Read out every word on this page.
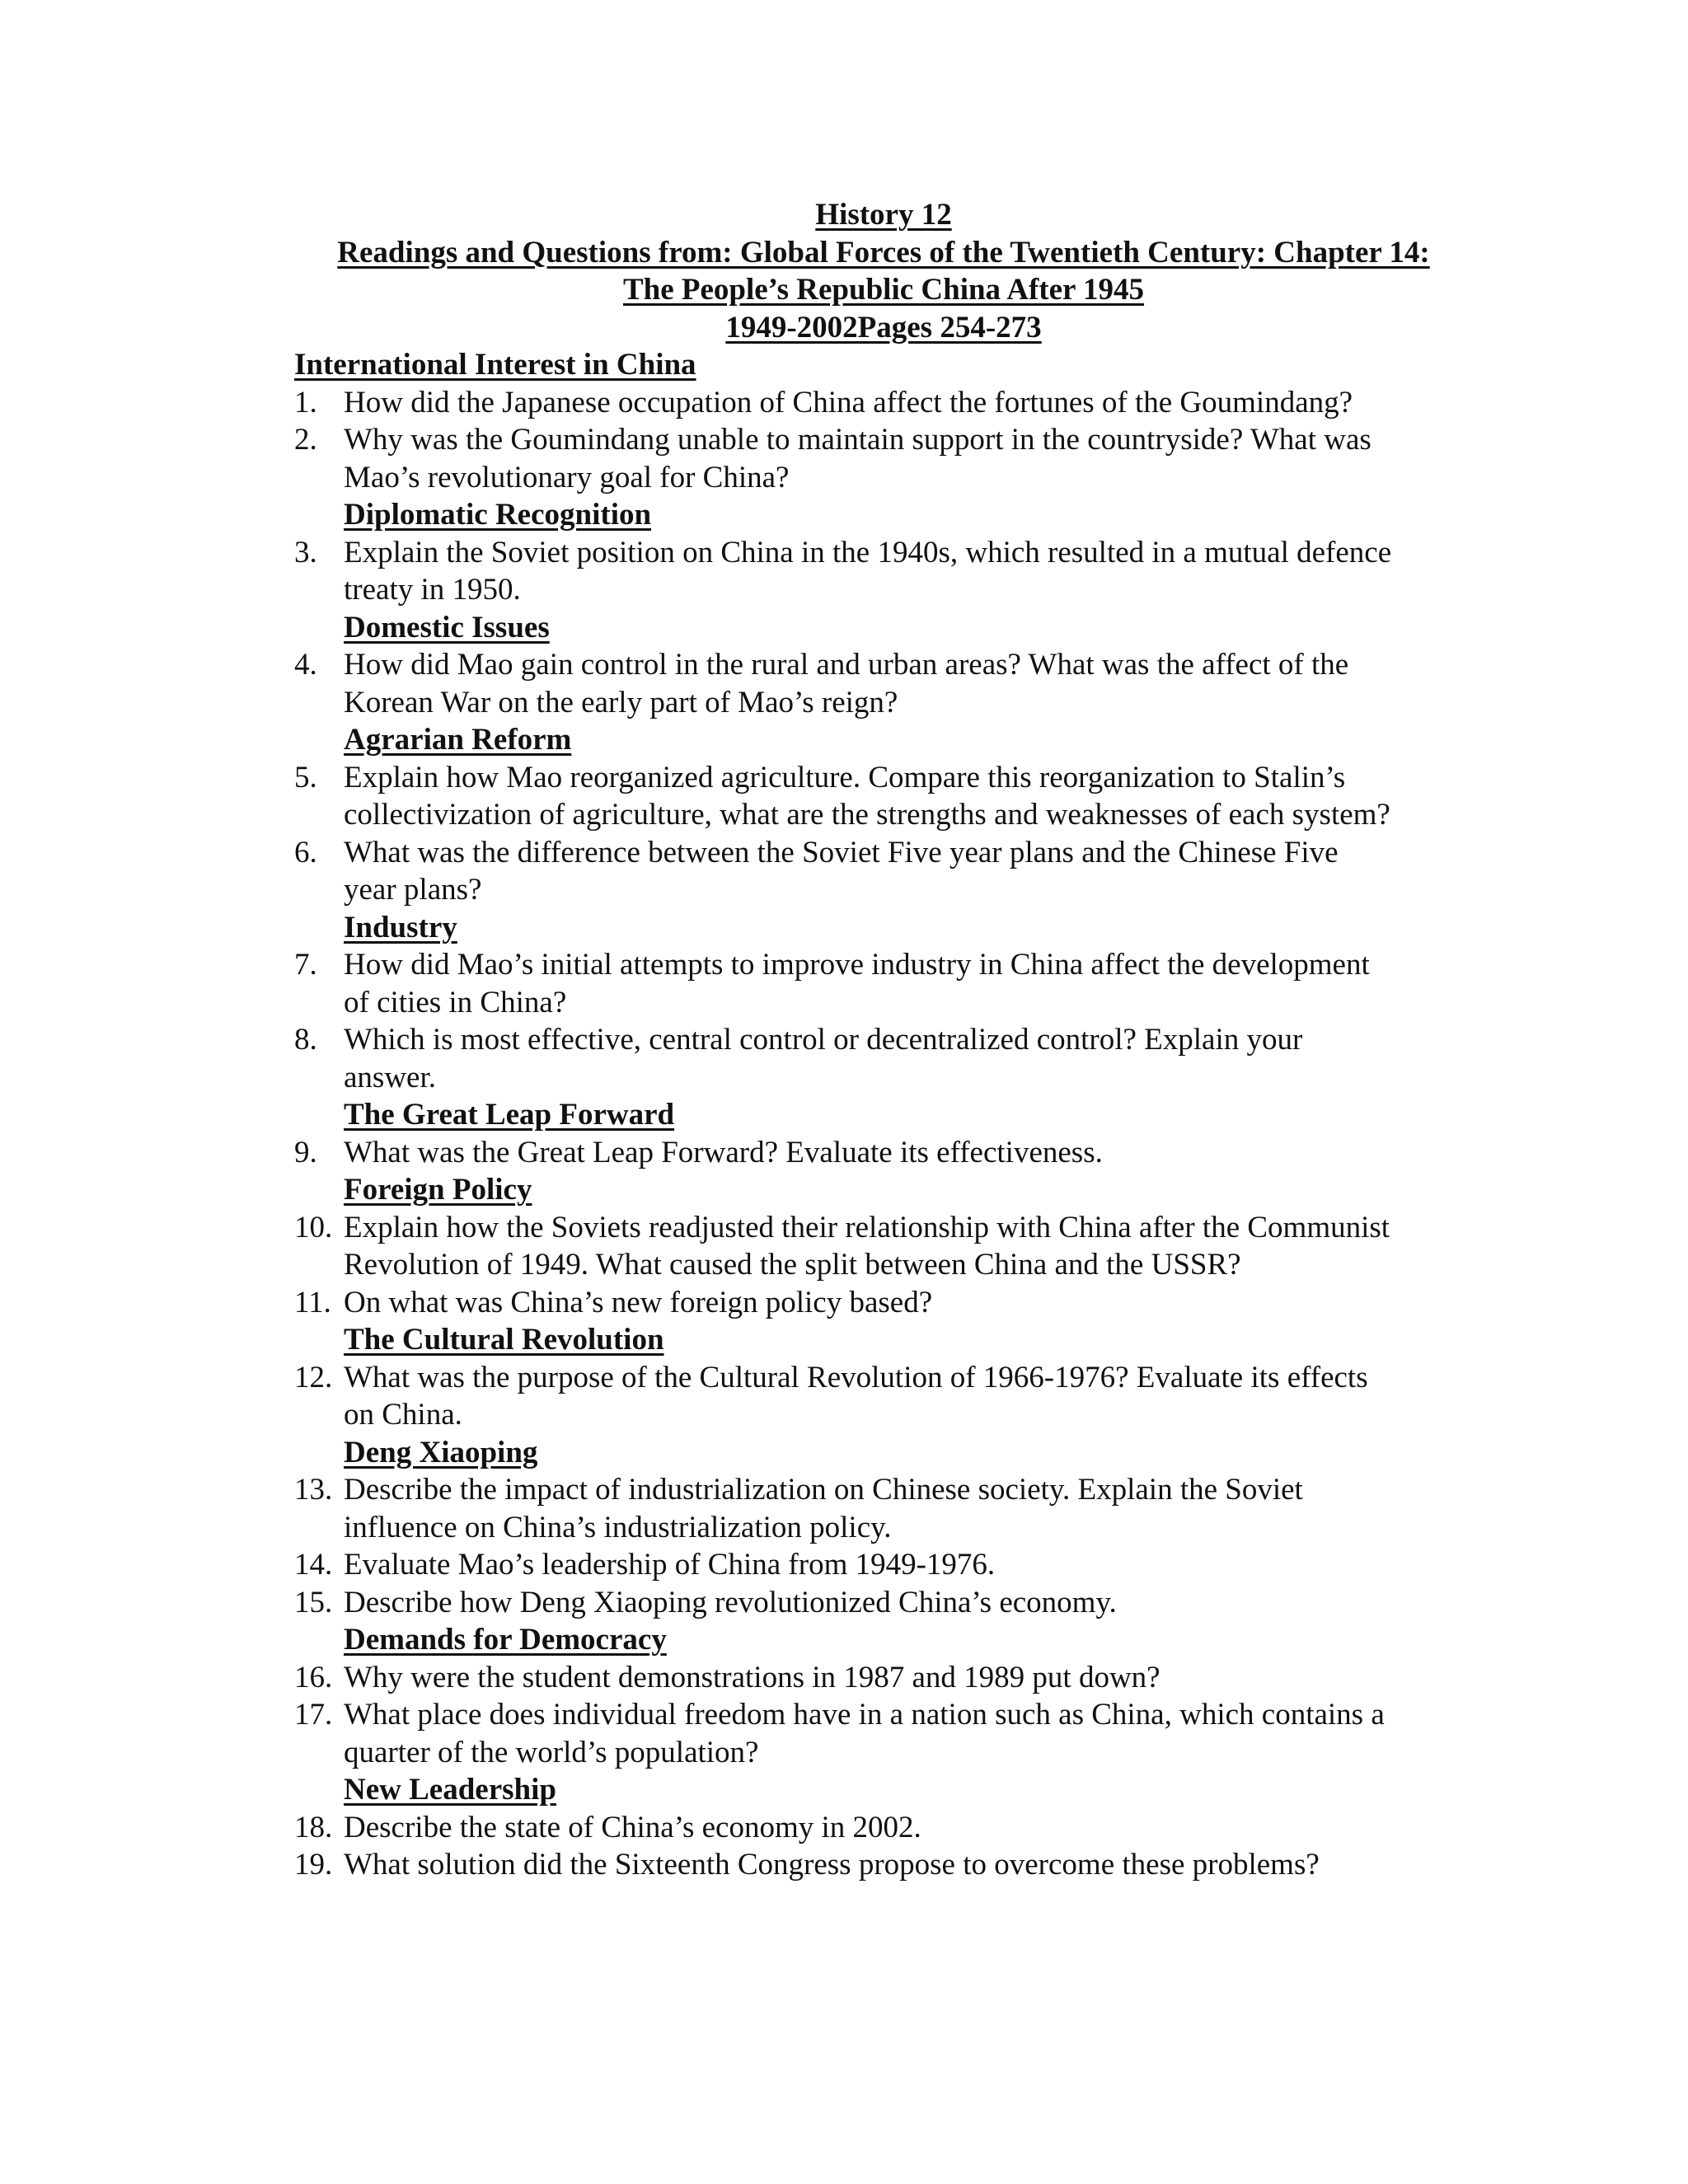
History 12
Readings and Questions from: Global Forces of the Twentieth Century: Chapter 14:
The People’s Republic China After 1945
1949-2002Pages 254-273
International Interest in China
1. How did the Japanese occupation of China affect the fortunes of the Goumindang?
2. Why was the Goumindang unable to maintain support in the countryside? What was
Mao’s revolutionary goal for China?
Diplomatic Recognition
3. Explain the Soviet position on China in the 1940s, which resulted in a mutual defence
treaty in 1950.
Domestic Issues
4. How did Mao gain control in the rural and urban areas? What was the affect of the
Korean War on the early part of Mao’s reign?
Agrarian Reform
5. Explain how Mao reorganized agriculture. Compare this reorganization to Stalin’s
collectivization of agriculture, what are the strengths and weaknesses of each system?
6. What was the difference between the Soviet Five year plans and the Chinese Five
year plans?
Industry
7. How did Mao’s initial attempts to improve industry in China affect the development
of cities in China?
8. Which is most effective, central control or decentralized control? Explain your
answer.
The Great Leap Forward
9. What was the Great Leap Forward? Evaluate its effectiveness.
Foreign Policy
10. Explain how the Soviets readjusted their relationship with China after the Communist
Revolution of 1949. What caused the split between China and the USSR?
11. On what was China’s new foreign policy based?
The Cultural Revolution
12. What was the purpose of the Cultural Revolution of 1966-1976? Evaluate its effects
on China.
Deng Xiaoping
13. Describe the impact of industrialization on Chinese society. Explain the Soviet
influence on China’s industrialization policy.
14. Evaluate Mao’s leadership of China from 1949-1976.
15. Describe how Deng Xiaoping revolutionized China’s economy.
Demands for Democracy
16. Why were the student demonstrations in 1987 and 1989 put down?
17. What place does individual freedom have in a nation such as China, which contains a
quarter of the world’s population?
New Leadership
18. Describe the state of China’s economy in 2002.
19. What solution did the Sixteenth Congress propose to overcome these problems?
